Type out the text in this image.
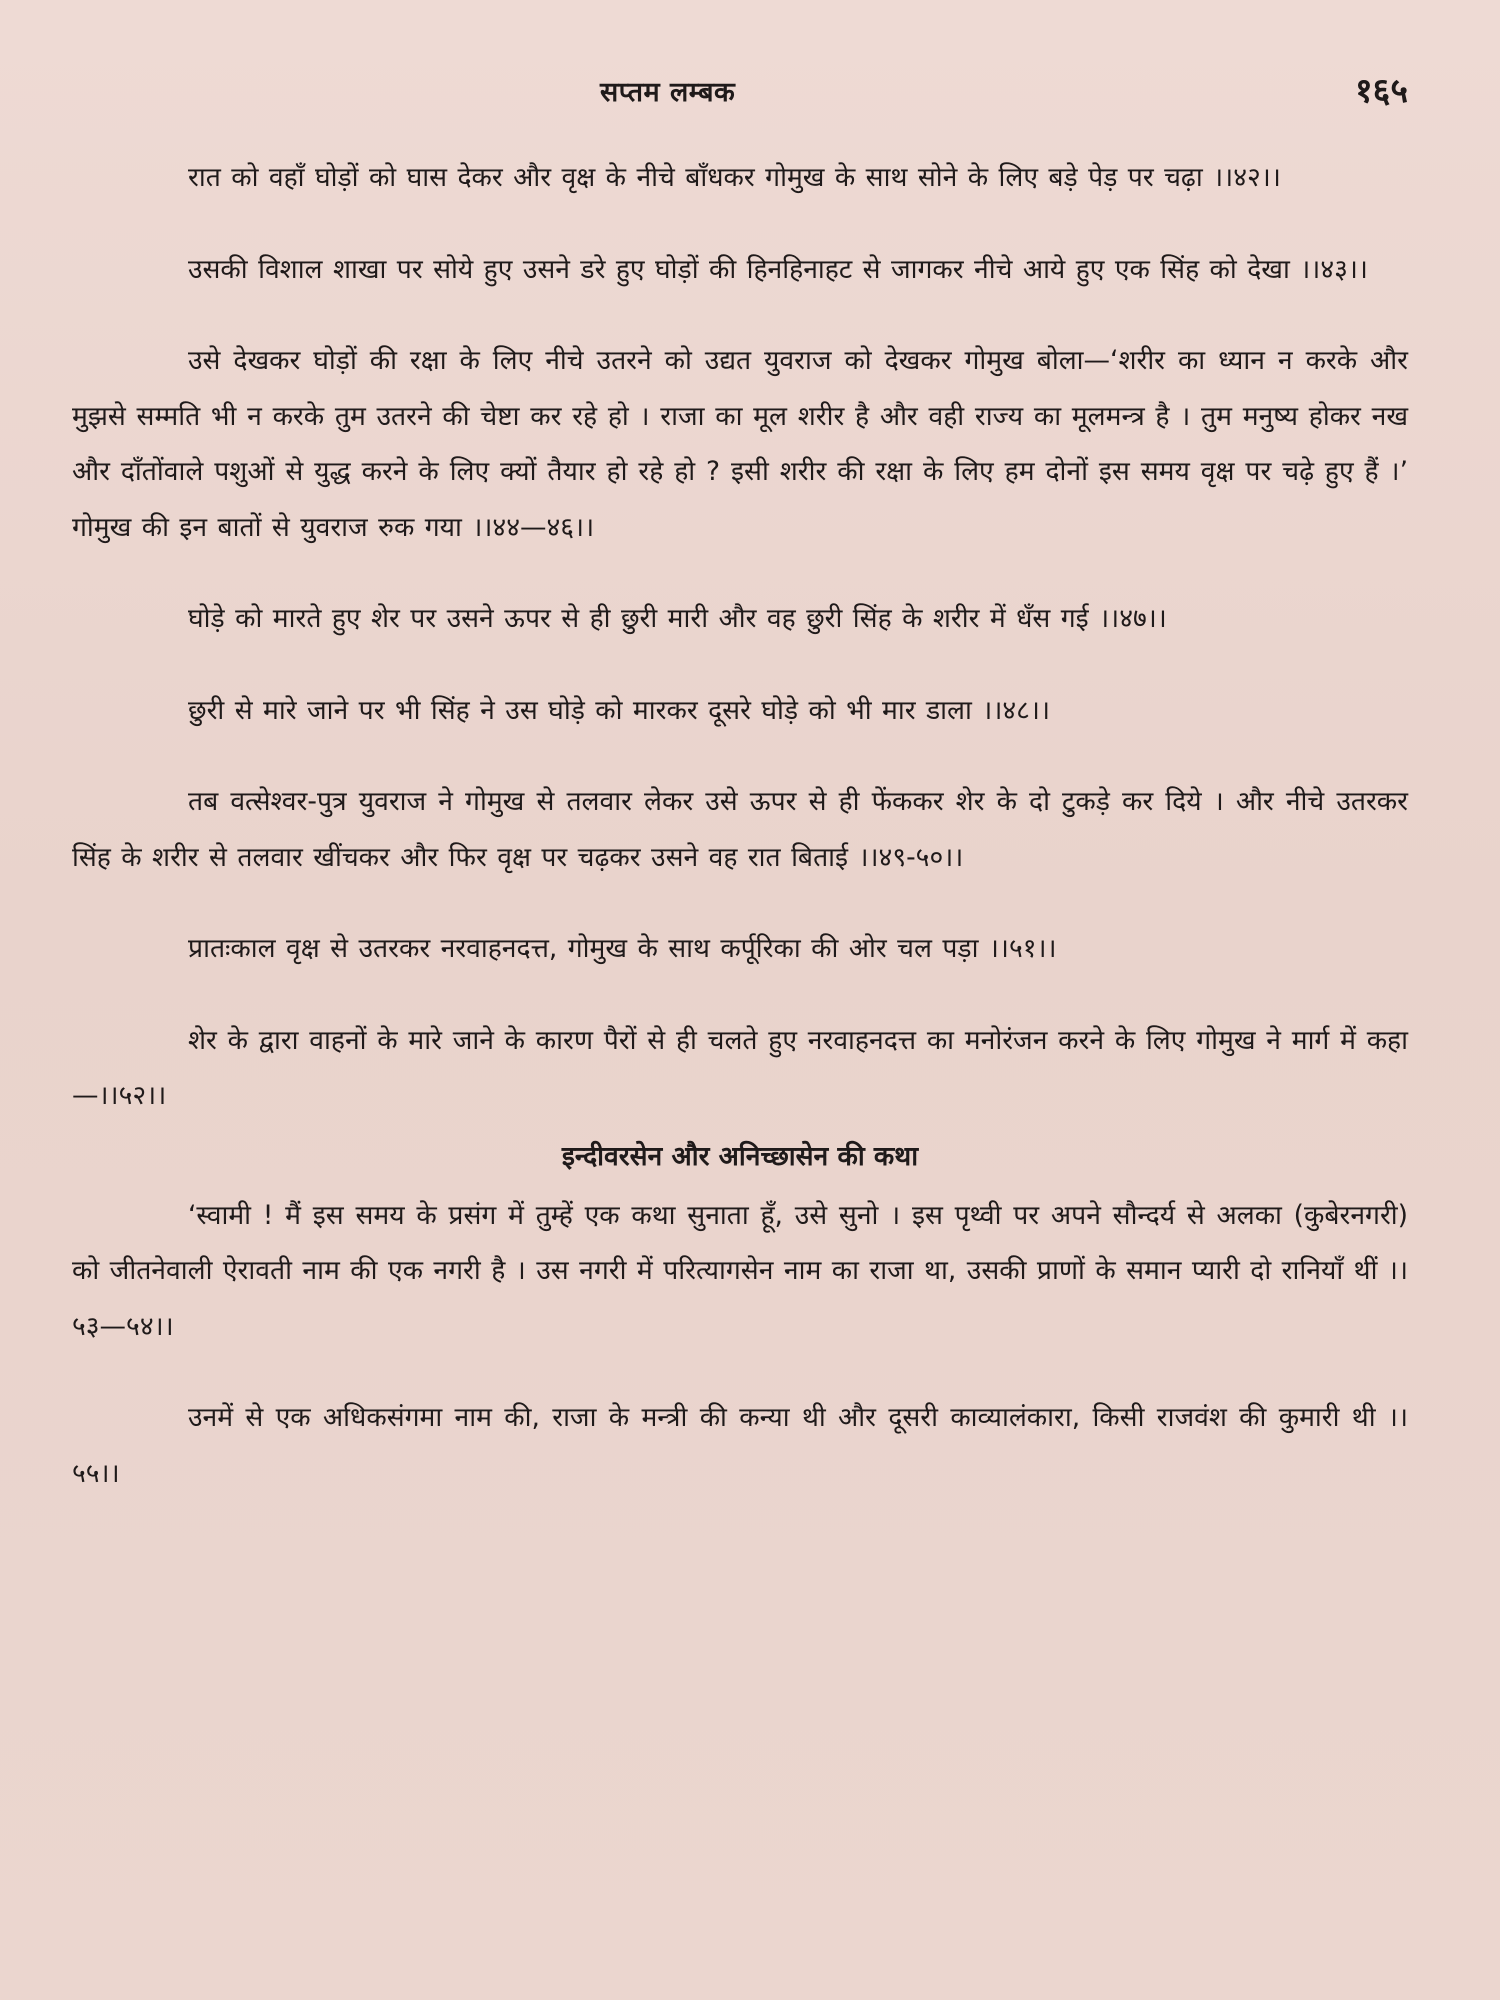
सप्तम लम्बक	१६५

रात को वहाँ घोड़ों को घास देकर और वृक्ष के नीचे बाँधकर गोमुख के साथ सोने के लिए बड़े पेड़ पर चढ़ा ।।४२।।

उसकी विशाल शाखा पर सोये हुए उसने डरे हुए घोड़ों की हिनहिनाहट से जागकर नीचे आये हुए एक सिंह को देखा ।।४३।।

उसे देखकर घोड़ों की रक्षा के लिए नीचे उतरने को उद्यत युवराज को देखकर गोमुख बोला—‘शरीर का ध्यान न करके और मुझसे सम्मति भी न करके तुम उतरने की चेष्टा कर रहे हो । राजा का मूल शरीर है और वही राज्य का मूलमन्त्र है । तुम मनुष्य होकर नख और दाँतोंवाले पशुओं से युद्ध करने के लिए क्यों तैयार हो रहे हो ? इसी शरीर की रक्षा के लिए हम दोनों इस समय वृक्ष पर चढ़े हुए हैं ।’ गोमुख की इन बातों से युवराज रुक गया ।।४४—४६।।

घोड़े को मारते हुए शेर पर उसने ऊपर से ही छुरी मारी और वह छुरी सिंह के शरीर में धँस गई ।।४७।।

छुरी से मारे जाने पर भी सिंह ने उस घोड़े को मारकर दूसरे घोड़े को भी मार डाला ।।४८।।

तब वत्सेश्वर-पुत्र युवराज ने गोमुख से तलवार लेकर उसे ऊपर से ही फेंककर शेर के दो टुकड़े कर दिये । और नीचे उतरकर सिंह के शरीर से तलवार खींचकर और फिर वृक्ष पर चढ़कर उसने वह रात बिताई ।।४९-५०।।

प्रातःकाल वृक्ष से उतरकर नरवाहनदत्त, गोमुख के साथ कर्पूरिका की ओर चल पड़ा ।।५१।।

शेर के द्वारा वाहनों के मारे जाने के कारण पैरों से ही चलते हुए नरवाहनदत्त का मनोरंजन करने के लिए गोमुख ने मार्ग में कहा—।।५२।।

इन्दीवरसेन और अनिच्छासेन की कथा

‘स्वामी ! मैं इस समय के प्रसंग में तुम्हें एक कथा सुनाता हूँ, उसे सुनो । इस पृथ्वी पर अपने सौन्दर्य से अलका (कुबेरनगरी) को जीतनेवाली ऐरावती नाम की एक नगरी है । उस नगरी में परित्यागसेन नाम का राजा था, उसकी प्राणों के समान प्यारी दो रानियाँ थीं ।।५३—५४।।

उनमें से एक अधिकसंगमा नाम की, राजा के मन्त्री की कन्या थी और दूसरी काव्यालंकारा, किसी राजवंश की कुमारी थी ।।५५।।
